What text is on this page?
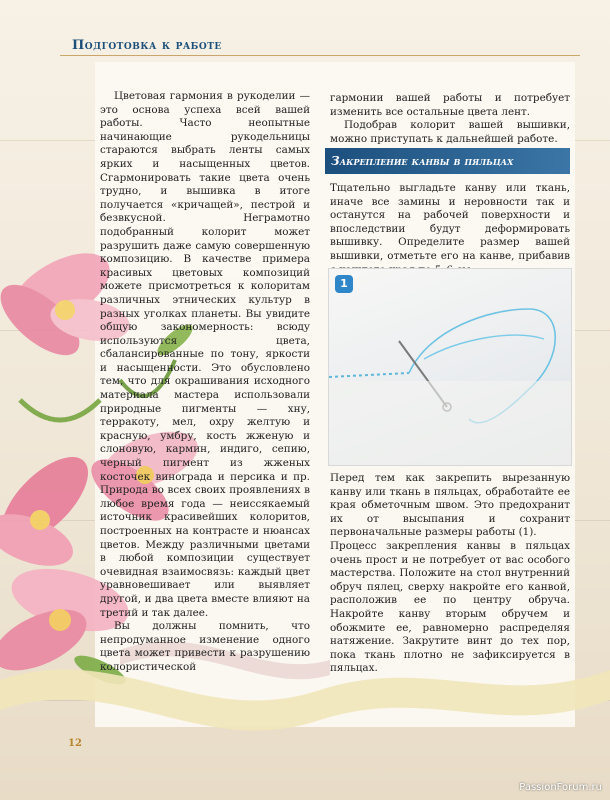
Подготовка к работе

Цветовая гармония в рукоделии — это основа успеха всей вашей работы. Часто неопытные начинающие рукодельницы стараются выбрать ленты самых ярких и насыщенных цветов. Сгармонировать такие цвета очень трудно, и вышивка в итоге получается «кричащей», пестрой и безвкусной. Неграмотно подобранный колорит может разрушить даже самую совершенную композицию. В качестве примера красивых цветовых композиций можете присмотреться к колоритам различных этнических культур в разных уголках планеты. Вы увидите общую закономерность: всюду используются цвета, сбалансированные по тону, яркости и насыщенности. Это обусловлено тем, что для окрашивания исходного материала мастера использовали природные пигменты — хну, терракоту, мел, охру желтую и красную, умбру, кость жженую и слоновую, кармин, индиго, сепию, черный пигмент из жженых косточек винограда и персика и пр. Природа во всех своих проявлениях в любое время года — неиссякаемый источник красивейших колоритов, построенных на контрасте и нюансах цветов. Между различными цветами в любой композиции существует очевидная взаимосвязь: каждый цвет уравновешивает или выявляет другой, и два цвета вместе влияют на третий и так далее.

Вы должны помнить, что непродуманное изменение одного цвета может привести к разрушению колористической

гармонии вашей работы и потребует изменить все остальные цвета лент.

Подобрав колорит вашей вышивки, можно приступать к дальнейшей работе.

Закрепление канвы в пяльцах

Тщательно выгладьте канву или ткань, иначе все замины и неровности так и останутся на рабочей поверхности и впоследствии будут деформировать вышивку. Определите размер вашей вышивки, отметьте его на канве, прибавив

1

Перед тем как закрепить вырезанную канву или ткань в пяльцах, обработайте ее края обметочным швом. Это предохранит их от высыпания и сохранит первоначальные размеры работы (1).

Процесс закрепления канвы в пяльцах очень прост и не потребует от вас особого мастерства. Положите на стол внутренний обруч пялец, сверху накройте его канвой, расположив ее по центру обруча. Накройте канву вторым обручем и обожмите ее, равномерно распределяя натяжение. Закрутите винт до тех пор, пока ткань плотно не зафиксируется в пяльцах.

12
PassionForum.ru
